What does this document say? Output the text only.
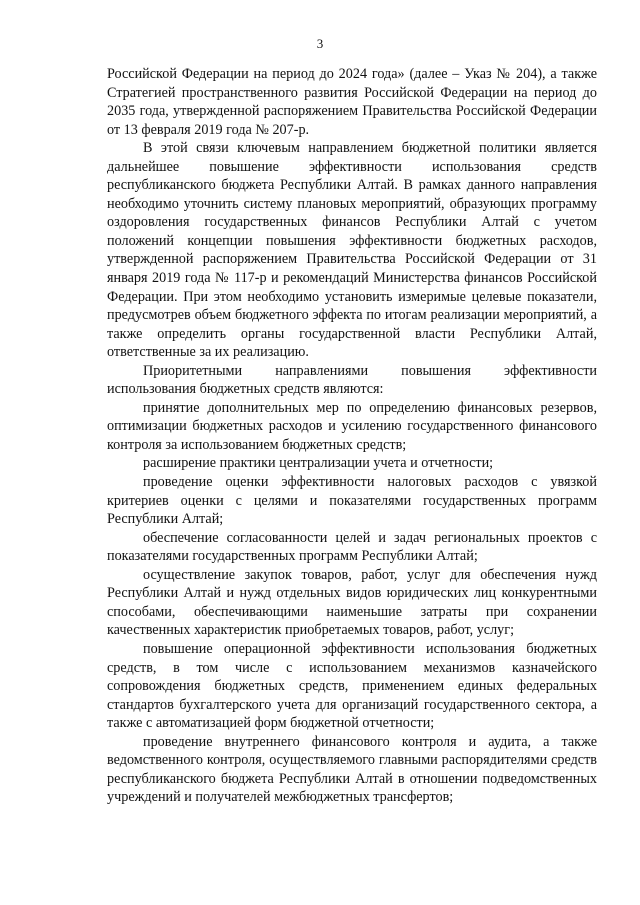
3

Российской Федерации на период до 2024 года» (далее – Указ № 204), а также Стратегией пространственного развития Российской Федерации на период до 2035 года, утвержденной распоряжением Правительства Российской Федерации от 13 февраля 2019 года № 207-р.

В этой связи ключевым направлением бюджетной политики является дальнейшее повышение эффективности использования средств республиканского бюджета Республики Алтай. В рамках данного направления необходимо уточнить систему плановых мероприятий, образующих программу оздоровления государственных финансов Республики Алтай с учетом положений концепции повышения эффективности бюджетных расходов, утвержденной распоряжением Правительства Российской Федерации от 31 января 2019 года № 117-р и рекомендаций Министерства финансов Российской Федерации. При этом необходимо установить измеримые целевые показатели, предусмотрев объем бюджетного эффекта по итогам реализации мероприятий, а также определить органы государственной власти Республики Алтай, ответственные за их реализацию.

Приоритетными направлениями повышения эффективности использования бюджетных средств являются:

принятие дополнительных мер по определению финансовых резервов, оптимизации бюджетных расходов и усилению государственного финансового контроля за использованием бюджетных средств;

расширение практики централизации учета и отчетности;

проведение оценки эффективности налоговых расходов с увязкой критериев оценки с целями и показателями государственных программ Республики Алтай;

обеспечение согласованности целей и задач региональных проектов с показателями государственных программ Республики Алтай;

осуществление закупок товаров, работ, услуг для обеспечения нужд Республики Алтай и нужд отдельных видов юридических лиц конкурентными способами, обеспечивающими наименьшие затраты при сохранении качественных характеристик приобретаемых товаров, работ, услуг;

повышение операционной эффективности использования бюджетных средств, в том числе с использованием механизмов казначейского сопровождения бюджетных средств, применением единых федеральных стандартов бухгалтерского учета для организаций государственного сектора, а также с автоматизацией форм бюджетной отчетности;

проведение внутреннего финансового контроля и аудита, а также ведомственного контроля, осуществляемого главными распорядителями средств республиканского бюджета Республики Алтай в отношении подведомственных учреждений и получателей межбюджетных трансфертов;
